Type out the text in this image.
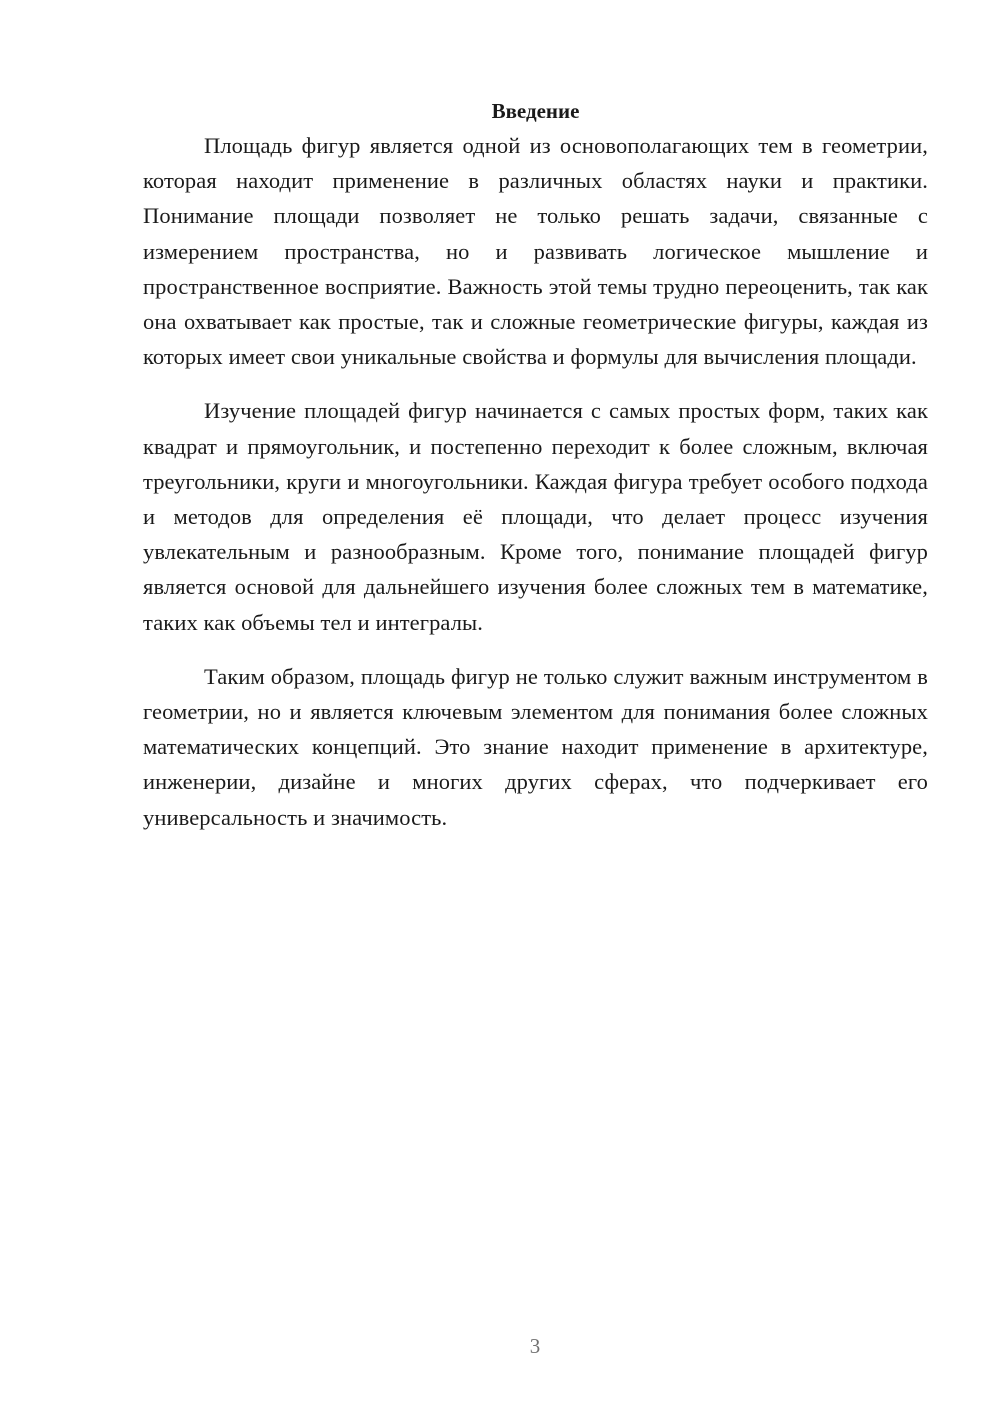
Введение

Площадь фигур является одной из основополагающих тем в геометрии, которая находит применение в различных областях науки и практики. Понимание площади позволяет не только решать задачи, связанные с измерением пространства, но и развивать логическое мышление и пространственное восприятие. Важность этой темы трудно переоценить, так как она охватывает как простые, так и сложные геометрические фигуры, каждая из которых имеет свои уникальные свойства и формулы для вычисления площади.

Изучение площадей фигур начинается с самых простых форм, таких как квадрат и прямоугольник, и постепенно переходит к более сложным, включая треугольники, круги и многоугольники. Каждая фигура требует особого подхода и методов для определения её площади, что делает процесс изучения увлекательным и разнообразным. Кроме того, понимание площадей фигур является основой для дальнейшего изучения более сложных тем в математике, таких как объемы тел и интегралы.

Таким образом, площадь фигур не только служит важным инструментом в геометрии, но и является ключевым элементом для понимания более сложных математических концепций. Это знание находит применение в архитектуре, инженерии, дизайне и многих других сферах, что подчеркивает его универсальность и значимость.

3
